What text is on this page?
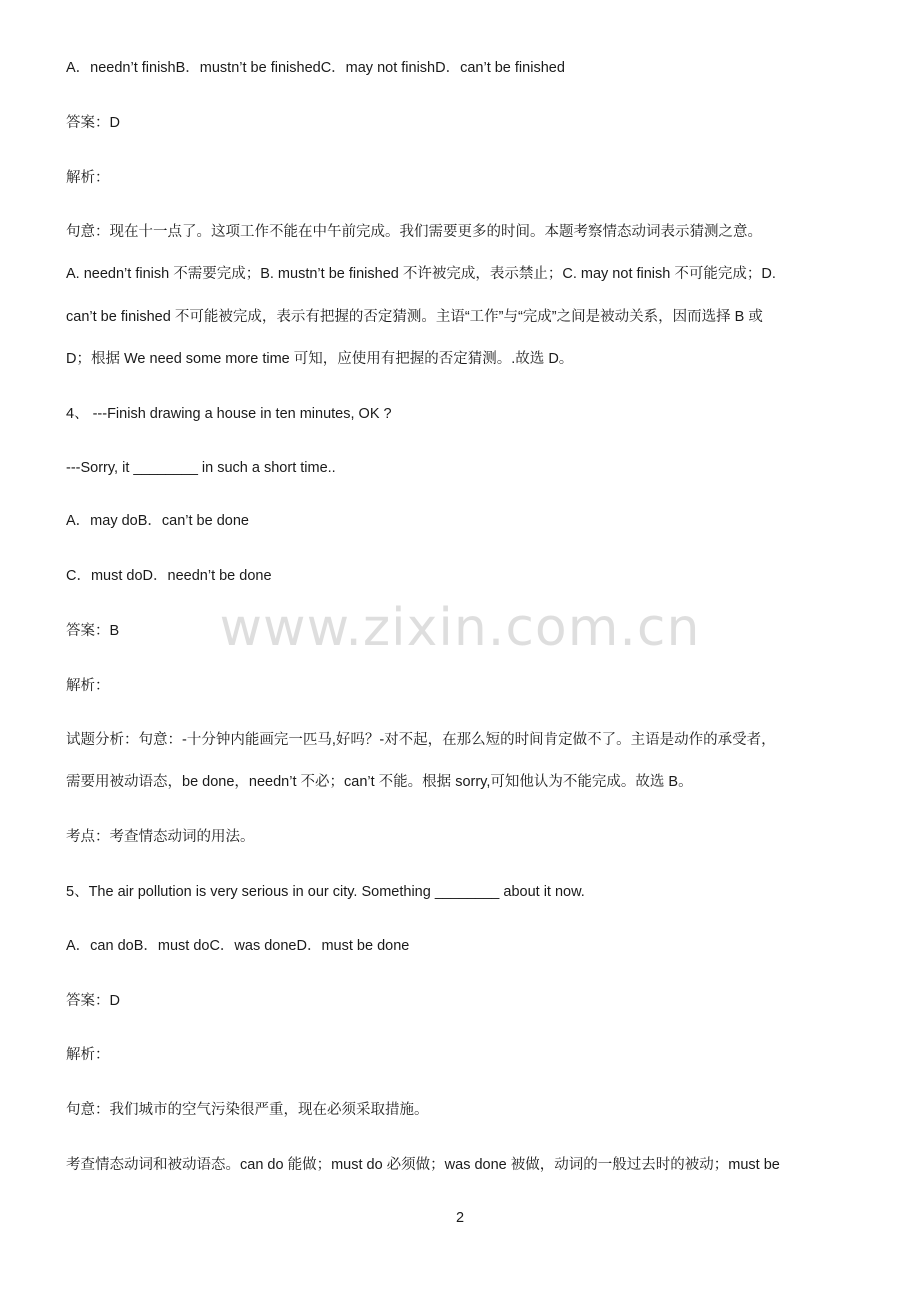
A．needn’t finishB．mustn’t be finishedC．may not finishD．can’t be finished
答案：D
解析：
句意：现在十一点了。这项工作不能在中午前完成。我们需要更多的时间。本题考察情态动词表示猜测之意。
A. needn’t finish 不需要完成；B. mustn’t be finished 不许被完成，表示禁止；C. may not finish 不可能完成；D.
can’t be finished 不可能被完成，表示有把握的否定猜测。主语“工作”与“完成”之间是被动关系，因而选择 B 或
D；根据 We need some more time 可知，应使用有把握的否定猜测。.故选 D。
4、 ---Finish drawing a house in ten minutes, OK ?
---Sorry, it ________ in such a short time..
A．may doB．can’t be done
C．must doD．needn’t be done
答案：B
解析：
试题分析：句意：-十分钟内能画完一匹马,好吗？-对不起，在那么短的时间肯定做不了。主语是动作的承受者，
需要用被动语态，be done，needn’t 不必；can’t 不能。根据 sorry,可知他认为不能完成。故选 B。
考点：考查情态动词的用法。
5、The air pollution is very serious in our city. Something ________ about it now.
A．can doB．must doC．was doneD．must be done
答案：D
解析：
句意：我们城市的空气污染很严重，现在必须采取措施。
考查情态动词和被动语态。can do 能做；must do 必须做；was done 被做，动词的一般过去时的被动；must be
www.zixin.com.cn
2
